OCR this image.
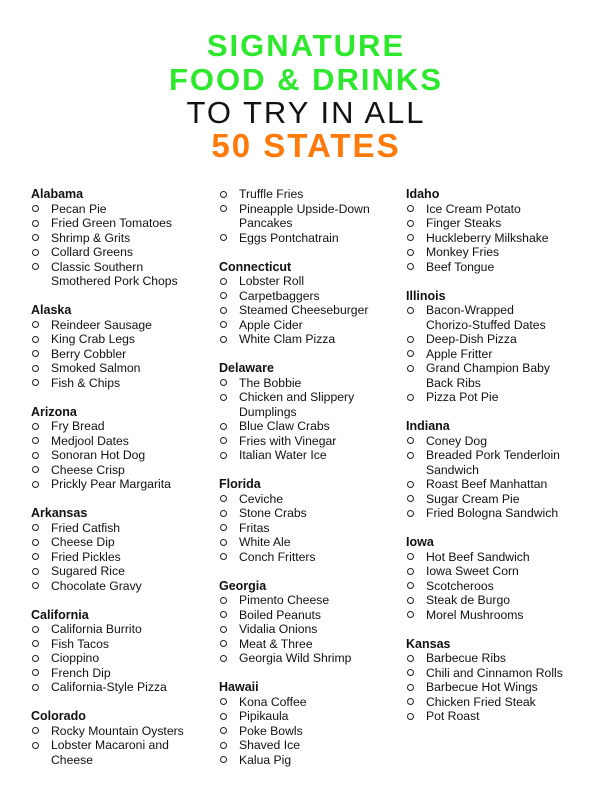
SIGNATURE
FOOD & DRINKS
TO TRY IN ALL
50 STATES
Alabama
Pecan Pie
Fried Green Tomatoes
Shrimp & Grits
Collard Greens
Classic Southern
Smothered Pork Chops
Alaska
Reindeer Sausage
King Crab Legs
Berry Cobbler
Smoked Salmon
Fish & Chips
Arizona
Fry Bread
Medjool Dates
Sonoran Hot Dog
Cheese Crisp
Prickly Pear Margarita
Arkansas
Fried Catfish
Cheese Dip
Fried Pickles
Sugared Rice
Chocolate Gravy
California
California Burrito
Fish Tacos
Cioppino
French Dip
California-Style Pizza
Colorado
Rocky Mountain Oysters
Lobster Macaroni and
Cheese
Truffle Fries
Pineapple Upside-Down
Pancakes
Eggs Pontchatrain
Connecticut
Lobster Roll
Carpetbaggers
Steamed Cheeseburger
Apple Cider
White Clam Pizza
Delaware
The Bobbie
Chicken and Slippery
Dumplings
Blue Claw Crabs
Fries with Vinegar
Italian Water Ice
Florida
Ceviche
Stone Crabs
Fritas
White Ale
Conch Fritters
Georgia
Pimento Cheese
Boiled Peanuts
Vidalia Onions
Meat & Three
Georgia Wild Shrimp
Hawaii
Kona Coffee
Pipikaula
Poke Bowls
Shaved Ice
Kalua Pig
Idaho
Ice Cream Potato
Finger Steaks
Huckleberry Milkshake
Monkey Fries
Beef Tongue
Illinois
Bacon-Wrapped
Chorizo-Stuffed Dates
Deep-Dish Pizza
Apple Fritter
Grand Champion Baby
Back Ribs
Pizza Pot Pie
Indiana
Coney Dog
Breaded Pork Tenderloin
Sandwich
Roast Beef Manhattan
Sugar Cream Pie
Fried Bologna Sandwich
Iowa
Hot Beef Sandwich
Iowa Sweet Corn
Scotcheroos
Steak de Burgo
Morel Mushrooms
Kansas
Barbecue Ribs
Chili and Cinnamon Rolls
Barbecue Hot Wings
Chicken Fried Steak
Pot Roast
